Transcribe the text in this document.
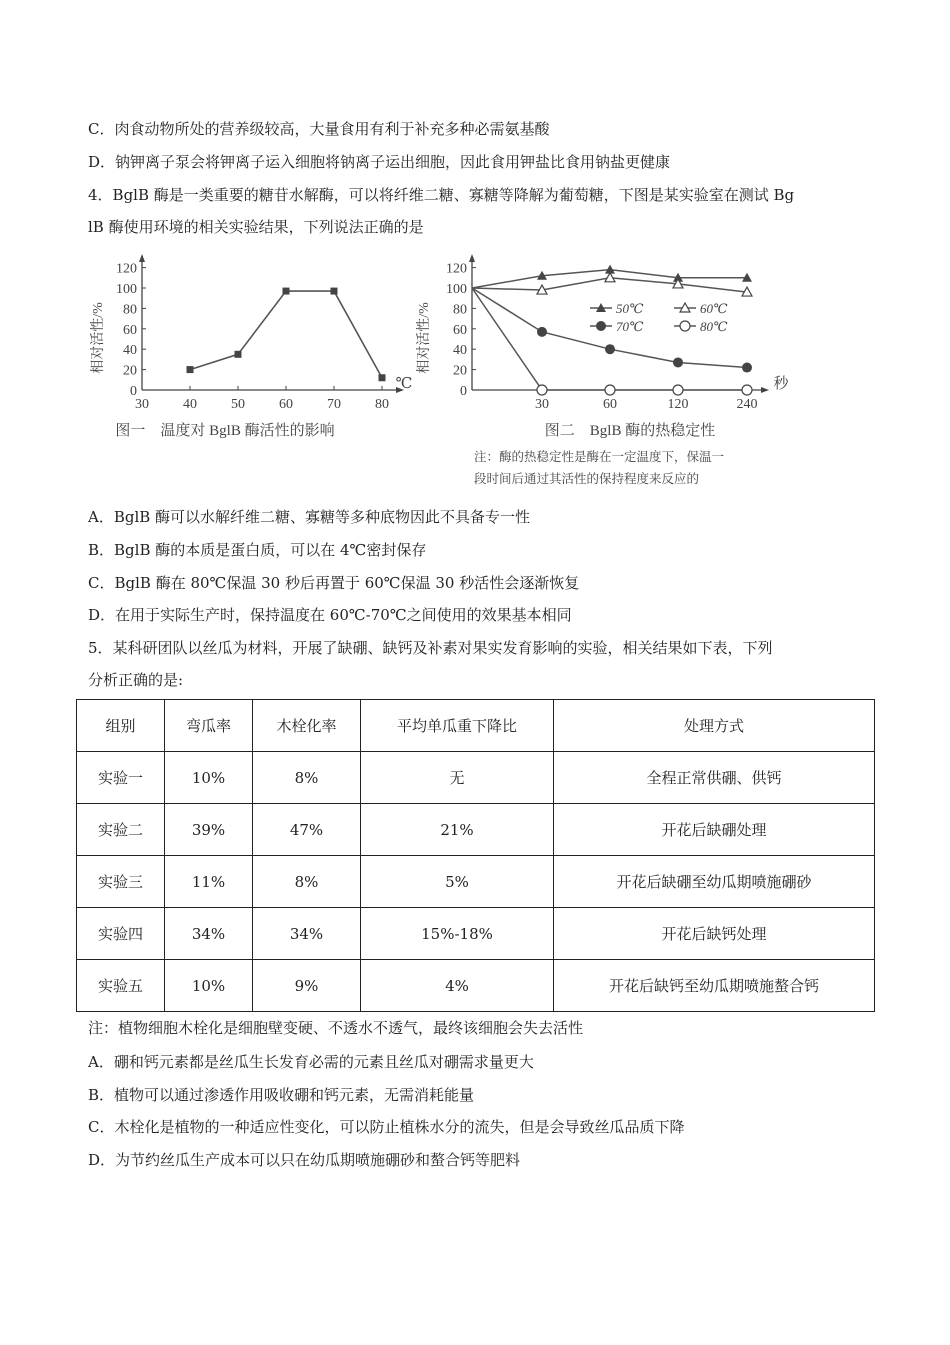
C．肉食动物所处的营养级较高，大量食用有利于补充多种必需氨基酸
D．钠钾离子泵会将钾离子运入细胞将钠离子运出细胞，因此食用钾盐比食用钠盐更健康
4．BglB 酶是一类重要的糖苷水解酶，可以将纤维二糖、寡糖等降解为葡萄糖，下图是某实验室在测试 Bg
lB 酶使用环境的相关实验结果，下列说法正确的是
0
20
40
60
80
100
120
30 40 50 60 70 80
℃
相对活性/%
图一　温度对 BglB 酶活性的影响
0
20
40
60
80
100
120
30	60	120	240
秒
相对活性/%	50℃	60℃
70℃	80℃
图二　BglB 酶的热稳定性
注：酶的热稳定性是酶在一定温度下，保温一
段时间后通过其活性的保持程度来反应的
A．BglB 酶可以水解纤维二糖、寡糖等多种底物因此不具备专一性
B．BglB 酶的本质是蛋白质，可以在 4℃密封保存
C．BglB 酶在 80℃保温 30 秒后再置于 60℃保温 30 秒活性会逐渐恢复
D．在用于实际生产时，保持温度在 60℃-70℃之间使用的效果基本相同
5．某科研团队以丝瓜为材料，开展了缺硼、缺钙及补素对果实发育影响的实验，相关结果如下表，下列
分析正确的是:
组别	弯瓜率	木栓化率	平均单瓜重下降比	处理方式
实验一	10%	8%	无	全程正常供硼、供钙
实验二	39%	47%	21%	开花后缺硼处理
实验三	11%	8%	5%	开花后缺硼至幼瓜期喷施硼砂
实验四	34%	34%	15%-18%	开花后缺钙处理
实验五	10%	9%	4%	开花后缺钙至幼瓜期喷施螯合钙
注：植物细胞木栓化是细胞壁变硬、不透水不透气，最终该细胞会失去活性
A．硼和钙元素都是丝瓜生长发育必需的元素且丝瓜对硼需求量更大
B．植物可以通过渗透作用吸收硼和钙元素，无需消耗能量
C．木栓化是植物的一种适应性变化，可以防止植株水分的流失，但是会导致丝瓜品质下降
D．为节约丝瓜生产成本可以只在幼瓜期喷施硼砂和螯合钙等肥料
